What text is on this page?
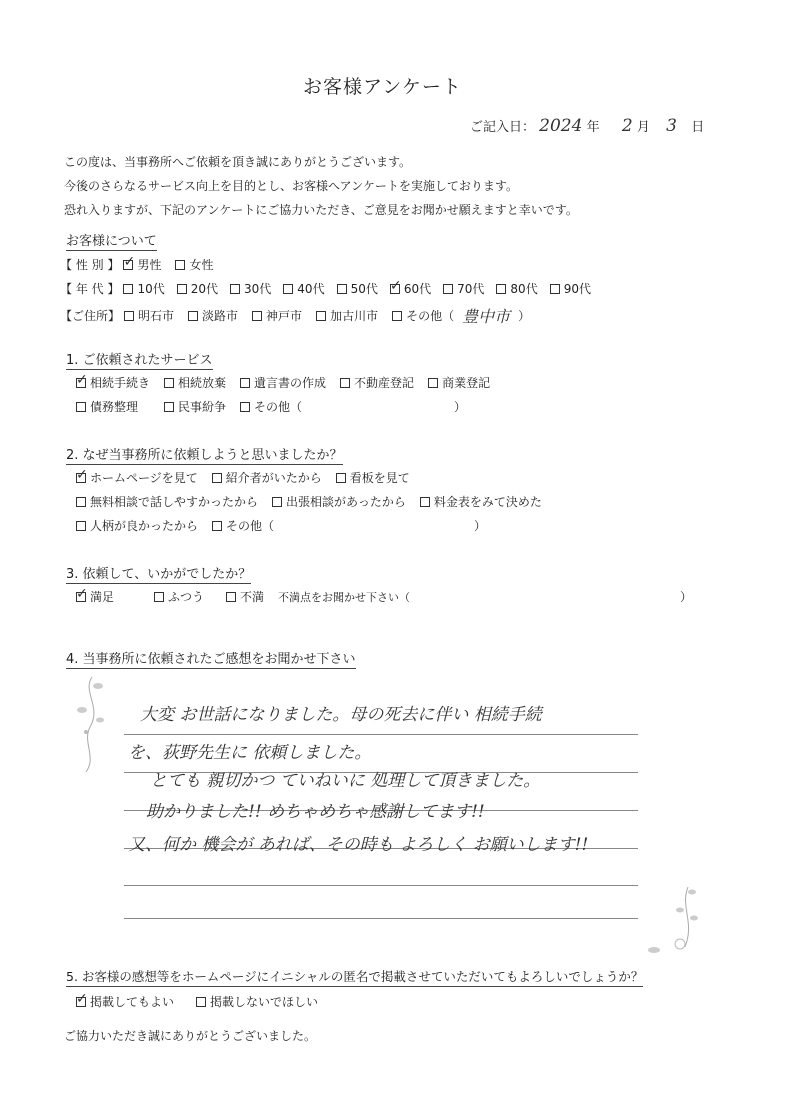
お客様アンケート
ご記入日： 2024 年 2 月 3 日
この度は、当事務所へご依頼を頂き誠にありがとうございます。
今後のさらなるサービス向上を目的とし、お客様へアンケートを実施しております。
恐れ入りますが、下記のアンケートにご協力いただき、ご意見をお聞かせ願えますと幸いです。
お客様について
【 性 別 】 ✓ 男性 女性
【 年 代 】 10代 20代 30代 40代 50代 ✓ 60代 70代 80代 90代
【ご住所】 明石市 淡路市 神戸市 加古川市 その他（ 豊中市 ）
1. ご依頼されたサービス
✓
相続手続き 相続放棄 遺言書の作成 不動産登記 商業登記
債務整理	民事紛争 その他（	）
2. なぜ当事務所に依頼しようと思いましたか？
✓
ホームページを見て 紹介者がいたから 看板を見て
無料相談で話しやすかったから 出張相談があったから 料金表をみて決めた
人柄が良かったから その他（	）
3. 依頼して、いかがでしたか？
✓
満足	ふつう	不満 不満点をお聞かせ下さい（	）
4. 当事務所に依頼されたご感想をお聞かせ下さい
大変 お世話になりました。母の死去に伴い 相続手続
を、荻野先生に 依頼しました。
とても 親切かつ ていねいに 処理して頂きました。
助かりました!! めちゃめちゃ感謝してます!!
又、何か 機会が あれば、その時も よろしく お願いします!!
5. お客様の感想等をホームページにイニシャルの匿名で掲載させていただいてもよろしいでしょうか？
✓
掲載してもよい	掲載しないでほしい
ご協力いただき誠にありがとうございました。
